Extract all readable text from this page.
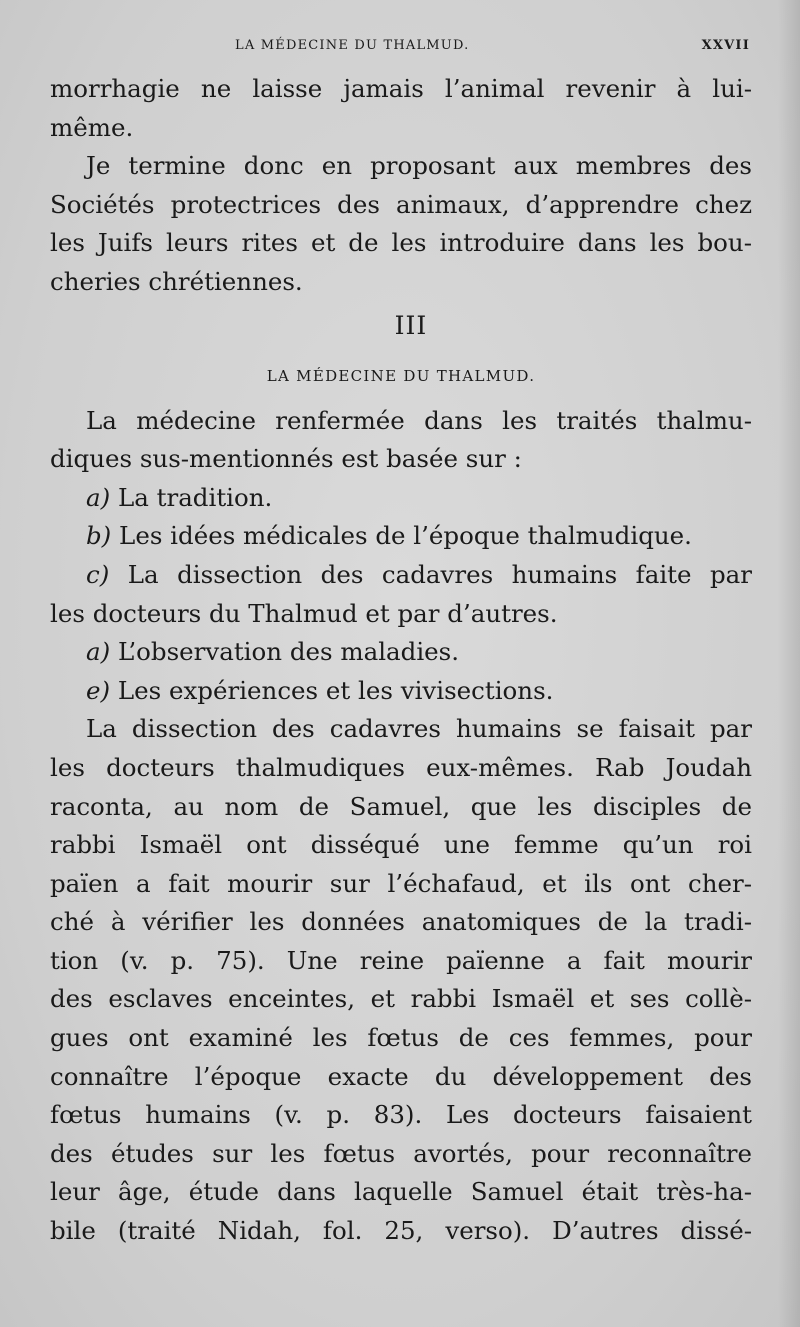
LA MÉDECINE DU THALMUD.	XXVII
morrhagie ne laisse jamais l’animal revenir à lui-
même.
Je termine donc en proposant aux membres des
Sociétés protectrices des animaux, d’apprendre chez
les Juifs leurs rites et de les introduire dans les bou-
cheries chrétiennes.
III
LA MÉDECINE DU THALMUD.
La médecine renfermée dans les traités thalmu-
diques sus-mentionnés est basée sur :
a) La tradition.
b) Les idées médicales de l’époque thalmudique.
c) La dissection des cadavres humains faite par
les docteurs du Thalmud et par d’autres.
a) L’observation des maladies.
e) Les expériences et les vivisections.
La dissection des cadavres humains se faisait par
les docteurs thalmudiques eux-mêmes. Rab Joudah
raconta, au nom de Samuel, que les disciples de
rabbi Ismaël ont disséqué une femme qu’un roi
païen a fait mourir sur l’échafaud, et ils ont cher-
ché à vérifier les données anatomiques de la tradi-
tion (v. p. 75). Une reine païenne a fait mourir
des esclaves enceintes, et rabbi Ismaël et ses collè-
gues ont examiné les fœtus de ces femmes, pour
connaître l’époque exacte du développement des
fœtus humains (v. p. 83). Les docteurs faisaient
des études sur les fœtus avortés, pour reconnaître
leur âge, étude dans laquelle Samuel était très-ha-
bile (traité Nidah, fol. 25, verso). D’autres dissé-
